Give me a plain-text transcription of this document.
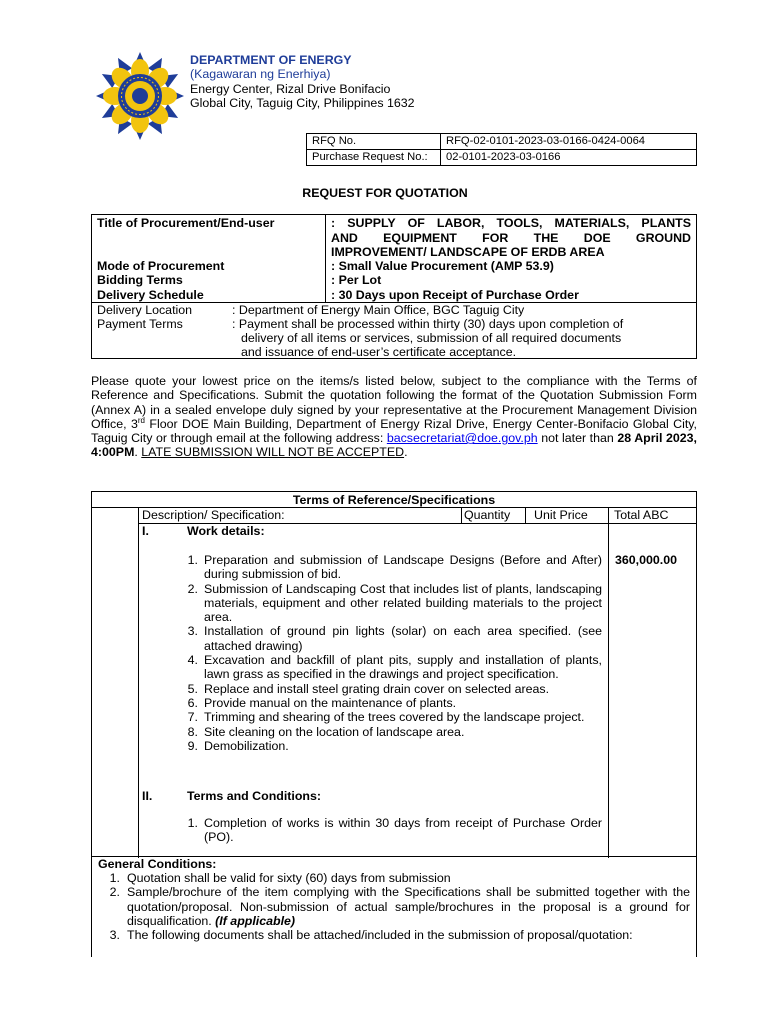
DEPARTMENT OF ENERGY
(Kagawaran ng Enerhiya)
Energy Center, Rizal Drive Bonifacio
Global City, Taguig City, Philippines 1632
RFQ No.	RFQ-02-0101-2023-03-0166-0424-0064
Purchase Request No.:	02-0101-2023-03-0166
REQUEST FOR QUOTATION
Title of Procurement/End-user	: SUPPLY OF LABOR, TOOLS, MATERIALS, PLANTS
AND EQUIPMENT FOR THE DOE GROUND
IMPROVEMENT/ LANDSCAPE OF ERDB AREA
Mode of Procurement	: Small Value Procurement (AMP 53.9)
Bidding Terms	: Per Lot
Delivery Schedule	: 30 Days upon Receipt of Purchase Order
Delivery Location	: Department of Energy Main Office, BGC Taguig City
Payment Terms	: Payment shall be processed within thirty (30) days upon completion of
delivery of all items or services, submission of all required documents
and issuance of end-user’s certificate acceptance.
Please quote your lowest price on the items/s listed below, subject to the compliance with the Terms of Reference and Specifications. Submit the quotation following the format of the Quotation Submission Form (Annex A) in a sealed envelope duly signed by your representative at the Procurement Management Division Office, 3rd Floor DOE Main Building, Department of Energy Rizal Drive, Energy Center-Bonifacio Global City, Taguig City or through email at the following address: bacsecretariat@doe.gov.ph not later than 28 April 2023, 4:00PM. LATE SUBMISSION WILL NOT BE ACCEPTED.
Terms of Reference/Specifications
Description/ Specification:	Quantity Unit Price Total ABC
I.	Work details:
360,000.00
1. Preparation and submission of Landscape Designs (Before and After) during submission of bid.
2. Submission of Landscaping Cost that includes list of plants, landscaping materials, equipment and other related building materials to the project area.
3. Installation of ground pin lights (solar) on each area specified. (see attached drawing)
4. Excavation and backfill of plant pits, supply and installation of plants, lawn grass as specified in the drawings and project specification.
5. Replace and install steel grating drain cover on selected areas.
6. Provide manual on the maintenance of plants.
7. Trimming and shearing of the trees covered by the landscape project.
8. Site cleaning on the location of landscape area.
9. Demobilization.
II.	Terms and Conditions:
1. Completion of works is within 30 days from receipt of Purchase Order (PO).
General Conditions:
1. Quotation shall be valid for sixty (60) days from submission
2. Sample/brochure of the item complying with the Specifications shall be submitted together with the quotation/proposal. Non-submission of actual sample/brochures in the proposal is a ground for disqualification. (If applicable)
3. The following documents shall be attached/included in the submission of proposal/quotation:
